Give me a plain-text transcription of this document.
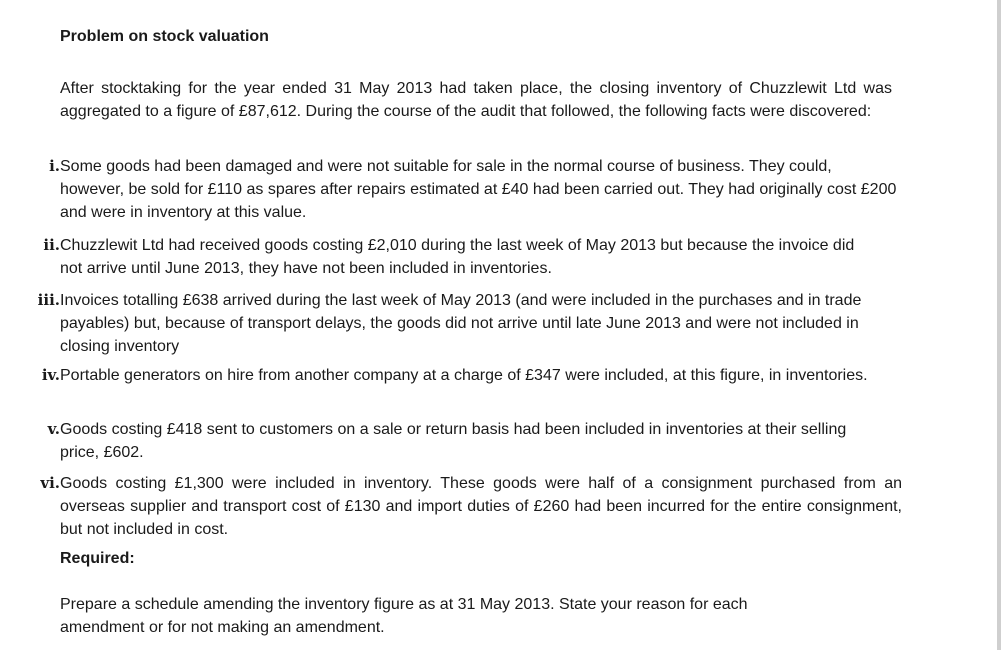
Problem on stock valuation

After stocktaking for the year ended 31 May 2013 had taken place, the closing inventory of Chuzzlewit Ltd was aggregated to a figure of £87,612. During the course of the audit that followed, the following facts were discovered:

i. Some goods had been damaged and were not suitable for sale in the normal course of business. They could, however, be sold for £110 as spares after repairs estimated at £40 had been carried out. They had originally cost £200 and were in inventory at this value.

ii. Chuzzlewit Ltd had received goods costing £2,010 during the last week of May 2013 but because the invoice did not arrive until June 2013, they have not been included in inventories.

iii. Invoices totalling £638 arrived during the last week of May 2013 (and were included in the purchases and in trade payables) but, because of transport delays, the goods did not arrive until late June 2013 and were not included in closing inventory

iv. Portable generators on hire from another company at a charge of £347 were included, at this figure, in inventories.

v. Goods costing £418 sent to customers on a sale or return basis had been included in inventories at their selling price, £602.

vi. Goods costing £1,300 were included in inventory. These goods were half of a consignment purchased from an overseas supplier and transport cost of £130 and import duties of £260 had been incurred for the entire consignment, but not included in cost.

Required:

Prepare a schedule amending the inventory figure as at 31 May 2013. State your reason for each amendment or for not making an amendment.
